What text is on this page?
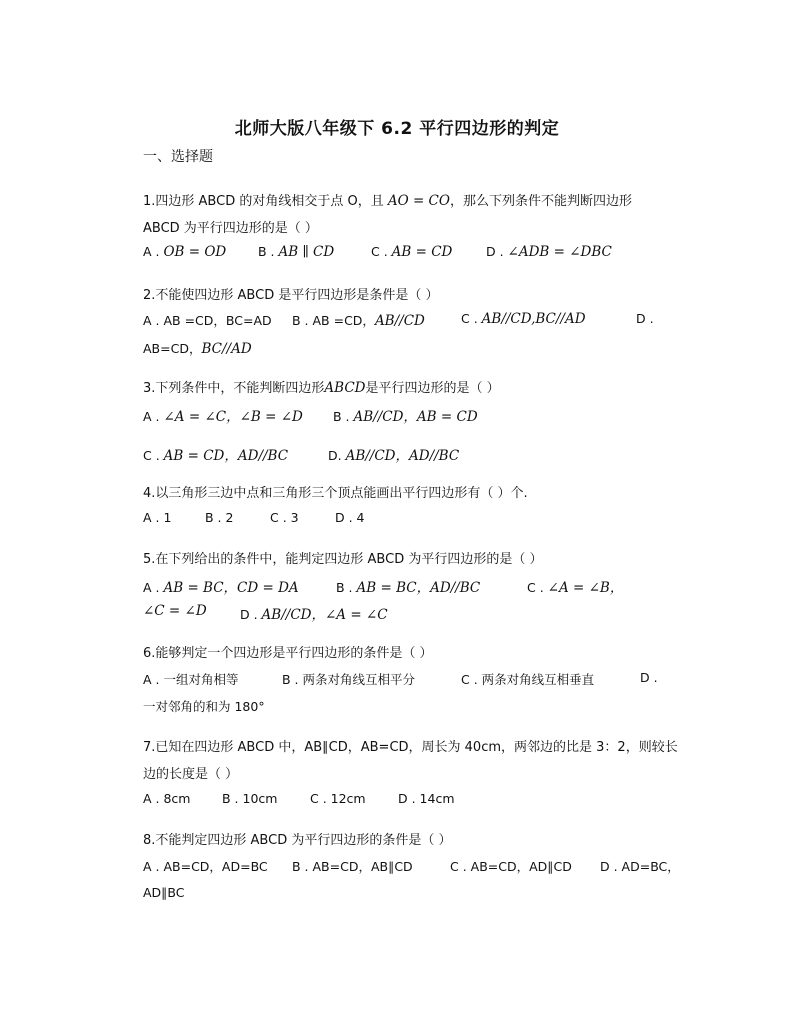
北师大版八年级下 6.2 平行四边形的判定
一、选择题
1.四边形 ABCD 的对角线相交于点 O，且 AO = CO，那么下列条件不能判断四边形
ABCD 为平行四边形的是（ ）
A . OB = OD	B . AB ∥ CD	C . AB = CD	D . ∠ADB = ∠DBC
2.不能使四边形 ABCD 是平行四边形是条件是（ ）
A . AB =CD，BC=AD B . AB =CD，AB//CD	C . AB//CD,BC//AD	D .
AB=CD，BC//AD
3.下列条件中，不能判断四边形ABCD是平行四边形的是（ ）
A . ∠A = ∠C，∠B = ∠D B . AB//CD，AB = CD
C . AB = CD，AD//BC	D. AB//CD，AD//BC
4.以三角形三边中点和三角形三个顶点能画出平行四边形有（ ）个.
A . 1	B . 2	C . 3	D . 4
5.在下列给出的条件中，能判定四边形 ABCD 为平行四边形的是（ ）
A . AB = BC，CD = DA	B . AB = BC，AD//BC	C . ∠A = ∠B，
∠C = ∠D	D . AB//CD，∠A = ∠C
6.能够判定一个四边形是平行四边形的条件是（ ）
A . 一组对角相等	B . 两条对角线互相平分	C . 两条对角线互相垂直	D .
一对邻角的和为 180°
7.已知在四边形 ABCD 中，AB∥CD，AB=CD，周长为 40cm，两邻边的比是 3：2，则较长
边的长度是（ ）
A . 8cm	B . 10cm	C . 12cm	D . 14cm
8.不能判定四边形 ABCD 为平行四边形的条件是（ ）
A . AB=CD，AD=BC B . AB=CD，AB∥CD	C . AB=CD，AD∥CD D . AD=BC，
AD∥BC
